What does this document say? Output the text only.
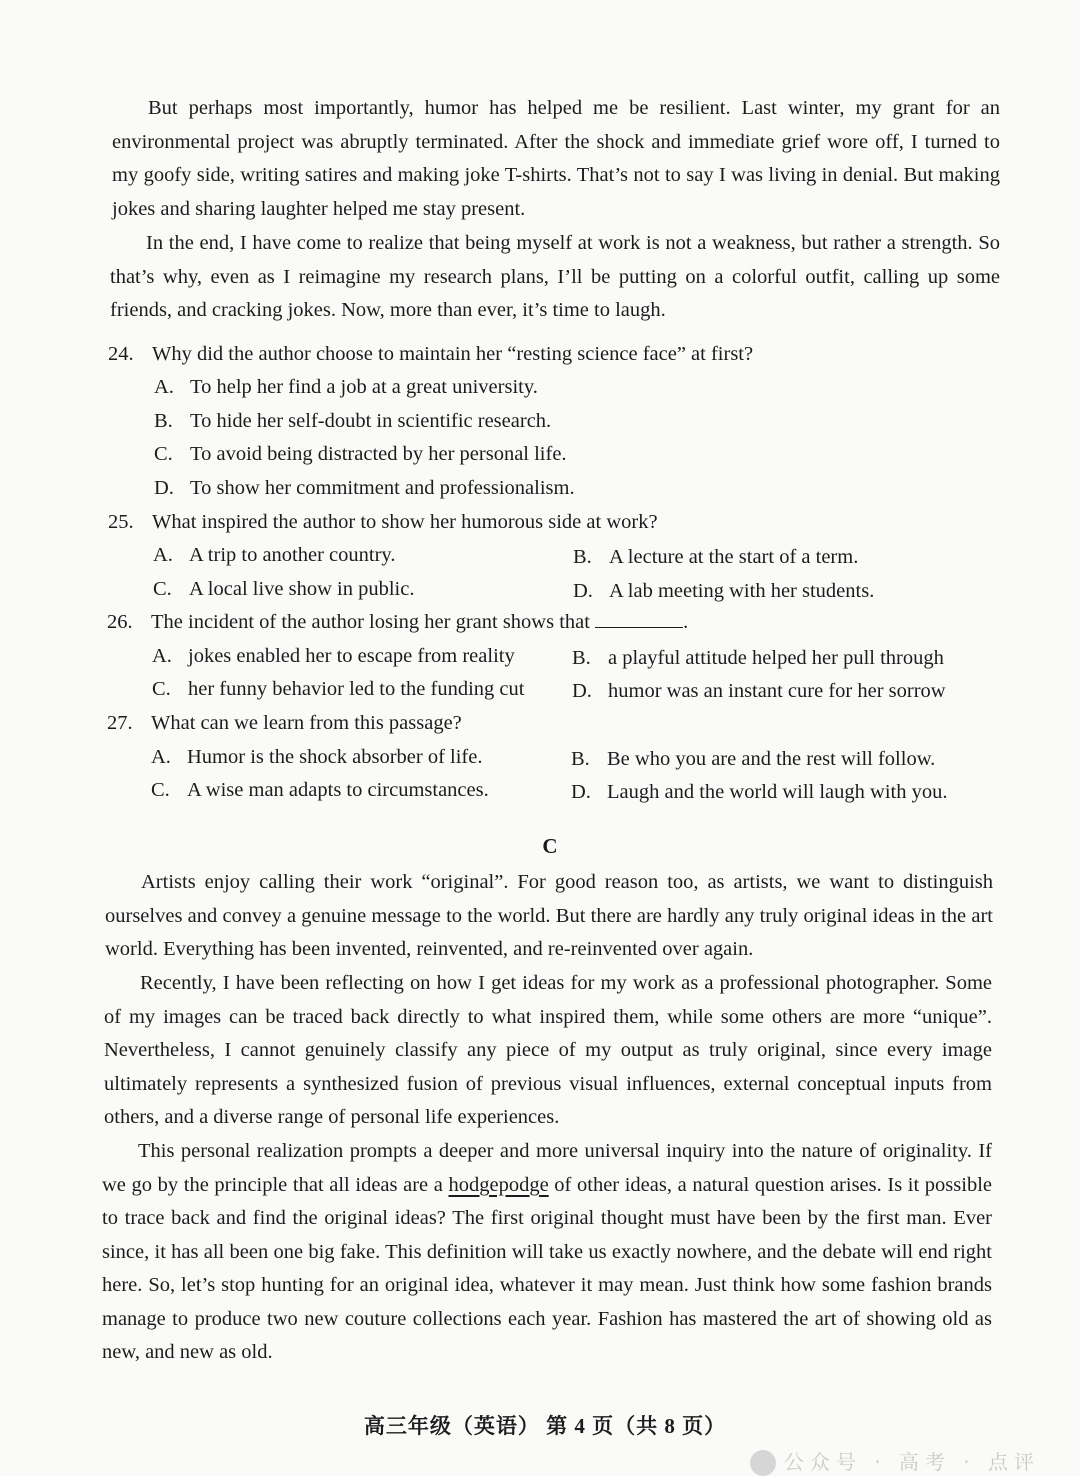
But perhaps most importantly, humor has helped me be resilient. Last winter, my grant for an environmental project was abruptly terminated. After the shock and immediate grief wore off, I turned to my goofy side, writing satires and making joke T-shirts. That’s not to say I was living in denial. But making jokes and sharing laughter helped me stay present.

In the end, I have come to realize that being myself at work is not a weakness, but rather a strength. So that’s why, even as I reimagine my research plans, I’ll be putting on a colorful outfit, calling up some friends, and cracking jokes. Now, more than ever, it’s time to laugh.

24. Why did the author choose to maintain her “resting science face” at first?
A. To help her find a job at a great university.
B. To hide her self-doubt in scientific research.
C. To avoid being distracted by her personal life.
D. To show her commitment and professionalism.
25. What inspired the author to show her humorous side at work?
A. A trip to another country.	B. A lecture at the start of a term.
C. A local live show in public.	D. A lab meeting with her students.
26. The incident of the author losing her grant shows that	.
A. jokes enabled her to escape from reality	B. a playful attitude helped her pull through
C. her funny behavior led to the funding cut D. humor was an instant cure for her sorrow
27. What can we learn from this passage?
A. Humor is the shock absorber of life.	B. Be who you are and the rest will follow.
C. A wise man adapts to circumstances.	D. Laugh and the world will laugh with you.
C

Artists enjoy calling their work “original”. For good reason too, as artists, we want to distinguish ourselves and convey a genuine message to the world. But there are hardly any truly original ideas in the art world. Everything has been invented, reinvented, and re-reinvented over again.

Recently, I have been reflecting on how I get ideas for my work as a professional photographer. Some of my images can be traced back directly to what inspired them, while some others are more “unique”. Nevertheless, I cannot genuinely classify any piece of my output as truly original, since every image ultimately represents a synthesized fusion of previous visual influences, external conceptual inputs from others, and a diverse range of personal life experiences.

This personal realization prompts a deeper and more universal inquiry into the nature of originality. If we go by the principle that all ideas are a hodgepodge of other ideas, a natural question arises. Is it possible to trace back and find the original ideas? The first original thought must have been by the first man. Ever since, it has all been one big fake. This definition will take us exactly nowhere, and the debate will end right here. So, let’s stop hunting for an original idea, whatever it may mean. Just think how some fashion brands manage to produce two new couture collections each year. Fashion has mastered the art of showing old as new, and new as old.

高三年级（英语） 第 4 页（共 8 页）
公众号 · 高考 · 点评
